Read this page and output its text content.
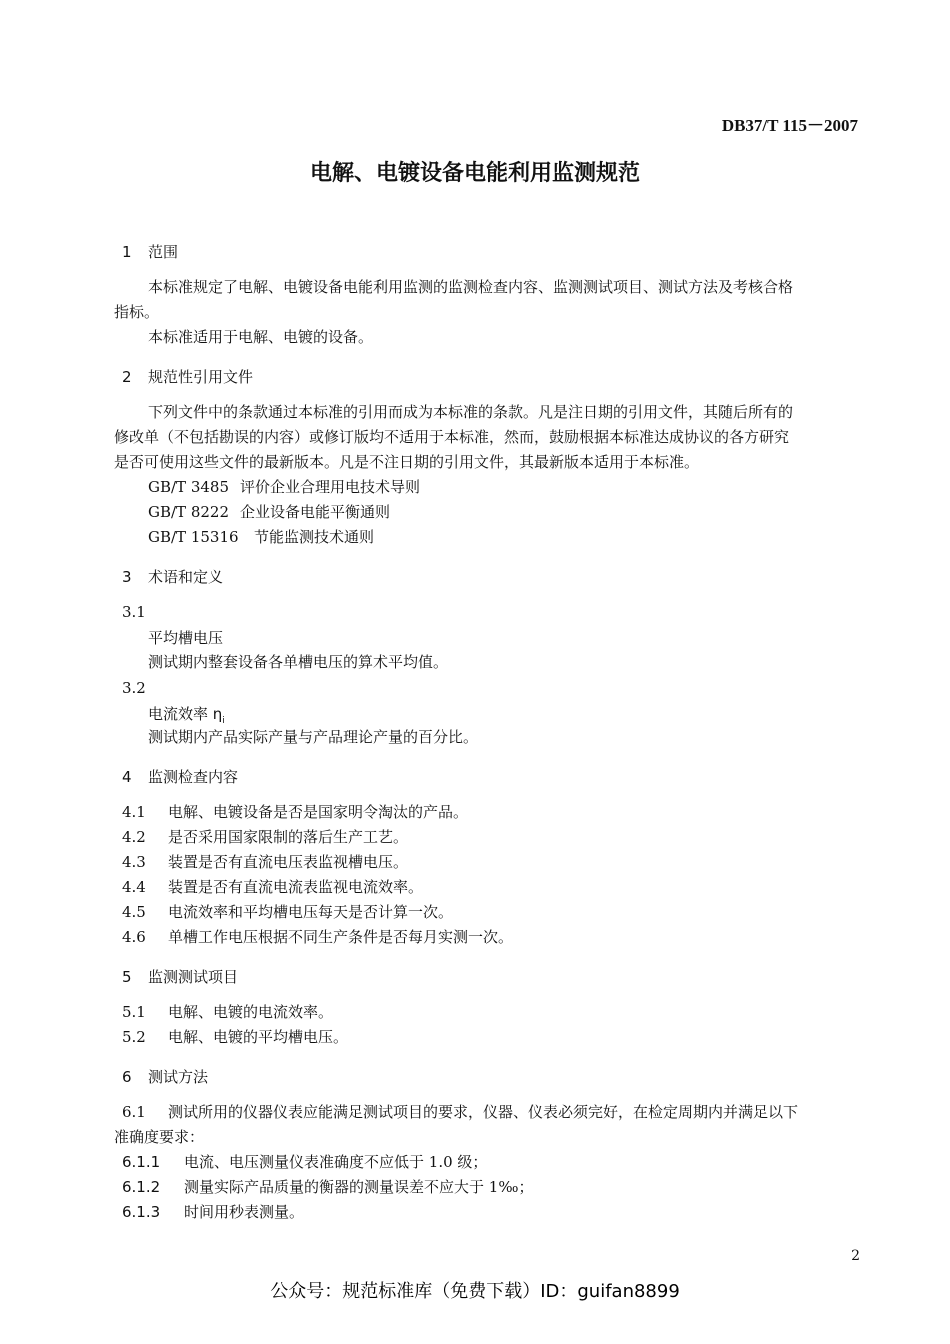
DB37/T 115－2007
电解、电镀设备电能利用监测规范
1 范围
本标准规定了电解、电镀设备电能利用监测的监测检查内容、监测测试项目、测试方法及考核合格
指标。
本标准适用于电解、电镀的设备。
2 规范性引用文件
下列文件中的条款通过本标准的引用而成为本标准的条款。凡是注日期的引用文件，其随后所有的
修改单（不包括勘误的内容）或修订版均不适用于本标准，然而，鼓励根据本标准达成协议的各方研究
是否可使用这些文件的最新版本。凡是不注日期的引用文件，其最新版本适用于本标准。
GB/T 3485 评价企业合理用电技术导则
GB/T 8222 企业设备电能平衡通则
GB/T 15316 节能监测技术通则
3 术语和定义
3.1
平均槽电压
测试期内整套设备各单槽电压的算术平均值。
3.2
电流效率 $\eta_i$
测试期内产品实际产量与产品理论产量的百分比。
4 监测检查内容
4.1 电解、电镀设备是否是国家明令淘汰的产品。
4.2 是否采用国家限制的落后生产工艺。
4.3 装置是否有直流电压表监视槽电压。
4.4 装置是否有直流电流表监视电流效率。
4.5 电流效率和平均槽电压每天是否计算一次。
4.6 单槽工作电压根据不同生产条件是否每月实测一次。
5 监测测试项目
5.1 电解、电镀的电流效率。
5.2 电解、电镀的平均槽电压。
6 测试方法
6.1 测试所用的仪器仪表应能满足测试项目的要求，仪器、仪表必须完好，在检定周期内并满足以下
准确度要求：
6.1.1 电流、电压测量仪表准确度不应低于 1.0 级；
6.1.2 测量实际产品质量的衡器的测量误差不应大于 1‰；
6.1.3 时间用秒表测量。
2
公众号：规范标准库（免费下载）ID：guifan8899
